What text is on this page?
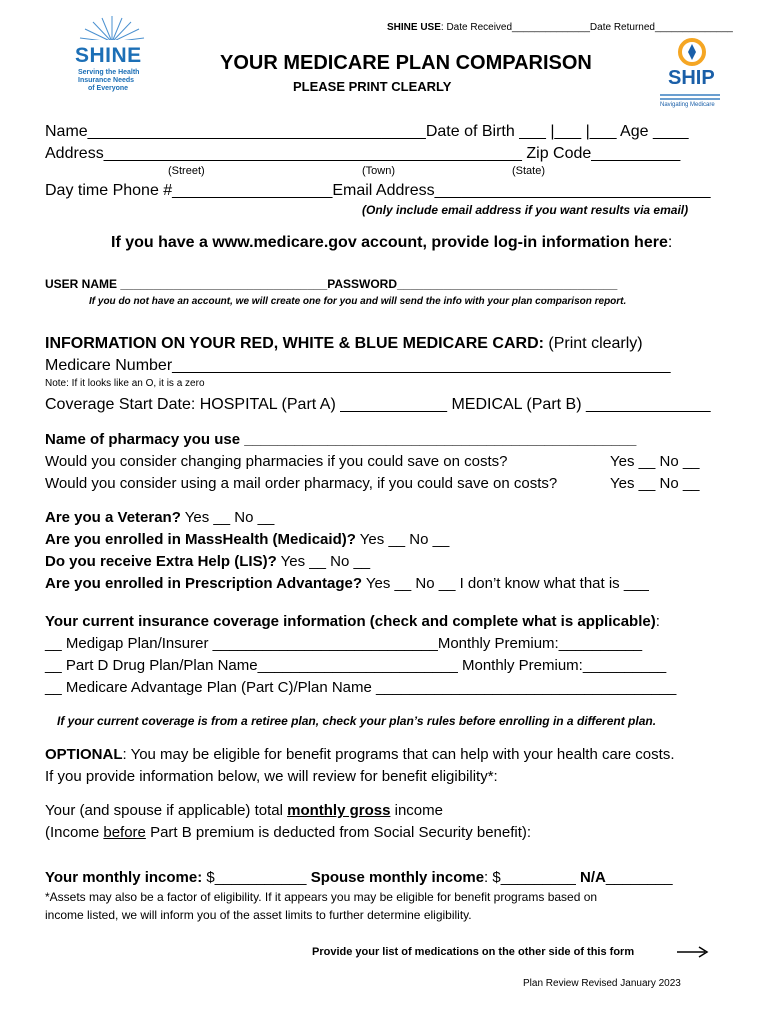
SHINE USE: Date Received______________Date Returned______________
SHINE
Serving the Health
Insurance Needs
of Everyone	SHIP
Navigating Medicare
YOUR MEDICARE PLAN COMPARISON
PLEASE PRINT CLEARLY
Name______________________________________Date of Birth ___ |___ |___ Age ____
Address_______________________________________________ Zip Code__________
(Street)	(Town)	(State)
Day time Phone #__________________Email Address_______________________________
(Only include email address if you want results via email)
If you have a www.medicare.gov account, provide log-in information here:
USER NAME _______________________________PASSWORD_________________________________
If you do not have an account, we will create one for you and will send the info with your plan comparison report.
INFORMATION ON YOUR RED, WHITE & BLUE MEDICARE CARD: (Print clearly)
Medicare Number________________________________________________________
Note: If it looks like an O, it is a zero
Coverage Start Date: HOSPITAL (Part A) ____________ MEDICAL (Part B) ______________
Name of pharmacy you use _______________________________________________
Would you consider changing pharmacies if you could save on costs?	Yes __ No __
Would you consider using a mail order pharmacy, if you could save on costs?	Yes __ No __
Are you a Veteran? Yes __ No __
Are you enrolled in MassHealth (Medicaid)? Yes __ No __
Do you receive Extra Help (LIS)? Yes __ No __
Are you enrolled in Prescription Advantage? Yes __ No __ I don’t know what that is ___
Your current insurance coverage information (check and complete what is applicable):
__ Medigap Plan/Insurer ___________________________Monthly Premium:__________
__ Part D Drug Plan/Plan Name________________________ Monthly Premium:__________
__ Medicare Advantage Plan (Part C)/Plan Name ____________________________________
If your current coverage is from a retiree plan, check your plan’s rules before enrolling in a different plan.
OPTIONAL: You may be eligible for benefit programs that can help with your health care costs.
If you provide information below, we will review for benefit eligibility*:
Your (and spouse if applicable) total monthly gross income
(Income before Part B premium is deducted from Social Security benefit):
Your monthly income: $___________ Spouse monthly income: $_________ N/A________
*Assets may also be a factor of eligibility. If it appears you may be eligible for benefit programs based on
income listed, we will inform you of the asset limits to further determine eligibility.
Provide your list of medications on the other side of this form
Plan Review Revised January 2023
